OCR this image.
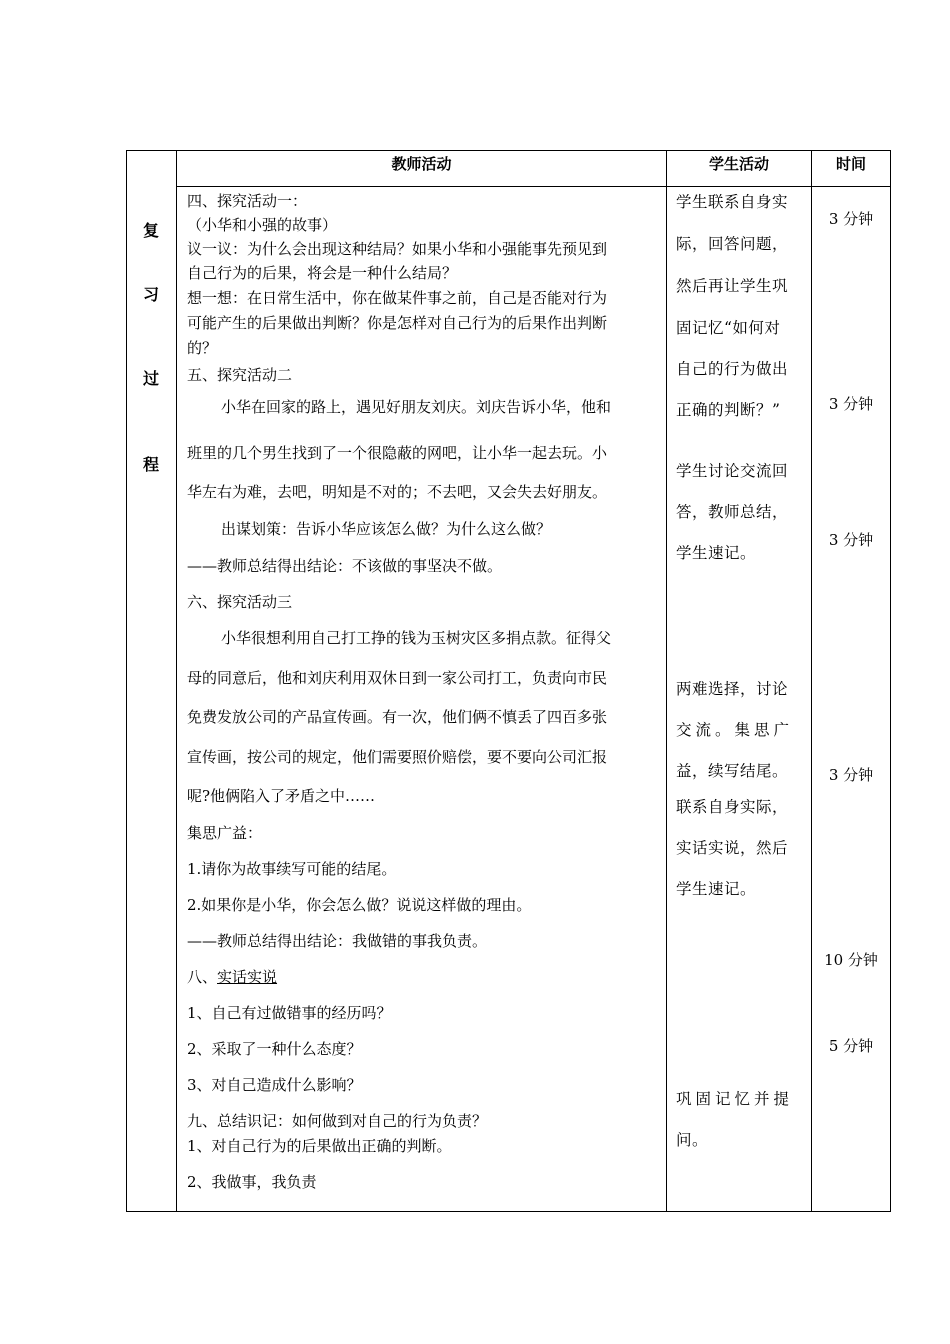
教师活动	学生活动	时间
复
习
过
程
四、探究活动一：
（小华和小强的故事）
议一议：为什么会出现这种结局？如果小华和小强能事先预见到
自己行为的后果，将会是一种什么结局？
想一想：在日常生活中，你在做某件事之前，自己是否能对行为
可能产生的后果做出判断？你是怎样对自己行为的后果作出判断
的？
五、探究活动二
小华在回家的路上，遇见好朋友刘庆。刘庆告诉小华，他和
班里的几个男生找到了一个很隐蔽的网吧，让小华一起去玩。小
华左右为难，去吧，明知是不对的；不去吧，又会失去好朋友。
出谋划策：告诉小华应该怎么做？为什么这么做？
——教师总结得出结论：不该做的事坚决不做。
六、探究活动三
小华很想利用自己打工挣的钱为玉树灾区多捐点款。征得父
母的同意后，他和刘庆利用双休日到一家公司打工，负责向市民
免费发放公司的产品宣传画。有一次，他们俩不慎丢了四百多张
宣传画，按公司的规定，他们需要照价赔偿，要不要向公司汇报
呢?他俩陷入了矛盾之中……
集思广益：
1.请你为故事续写可能的结尾。
2.如果你是小华，你会怎么做？说说这样做的理由。
——教师总结得出结论：我做错的事我负责。
八、实话实说
1、自己有过做错事的经历吗？
2、采取了一种什么态度？
3、对自己造成什么影响？
九、总结识记：如何做到对自己的行为负责？
1、对自己行为的后果做出正确的判断。
2、我做事，我负责
学生联系自身实
际，回答问题，
然后再让学生巩
固记忆“如何对
自己的行为做出
正确的判断？”
学生讨论交流回
答，教师总结，
学生速记。
两难选择，讨论
交流。集思广
益，续写结尾。
联系自身实际，
实话实说，然后
学生速记。
巩固记忆并提
问。
3 分钟
3 分钟
3 分钟
3 分钟
10 分钟
5 分钟
